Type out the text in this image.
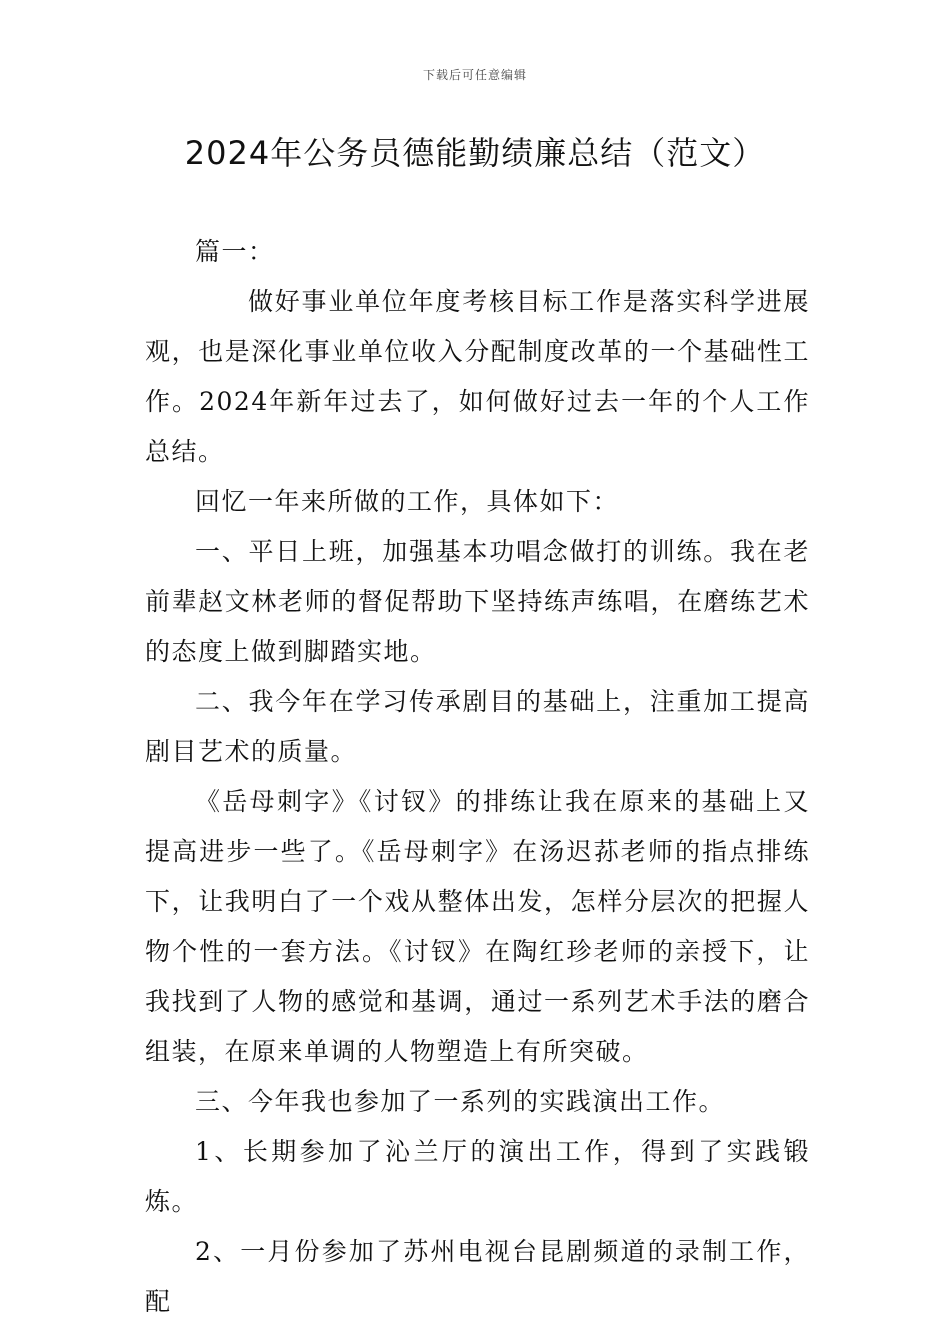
下载后可任意编辑
2024年公务员德能勤绩廉总结（范文）

篇一：

做好事业单位年度考核目标工作是落实科学进展观，也是深化事业单位收入分配制度改革的一个基础性工作。2024年新年过去了，如何做好过去一年的个人工作总结。

回忆一年来所做的工作，具体如下：

一、平日上班，加强基本功唱念做打的训练。我在老前辈赵文林老师的督促帮助下坚持练声练唱，在磨练艺术的态度上做到脚踏实地。

二、我今年在学习传承剧目的基础上，注重加工提高剧目艺术的质量。

《岳母刺字》《讨钗》的排练让我在原来的基础上又提高进步一些了。《岳母刺字》在汤迟荪老师的指点排练下，让我明白了一个戏从整体出发，怎样分层次的把握人物个性的一套方法。《讨钗》在陶红珍老师的亲授下，让我找到了人物的感觉和基调，通过一系列艺术手法的磨合组装，在原来单调的人物塑造上有所突破。

三、今年我也参加了一系列的实践演出工作。

1、长期参加了沁兰厅的演出工作，得到了实践锻炼。

2、一月份参加了苏州电视台昆剧频道的录制工作，配
